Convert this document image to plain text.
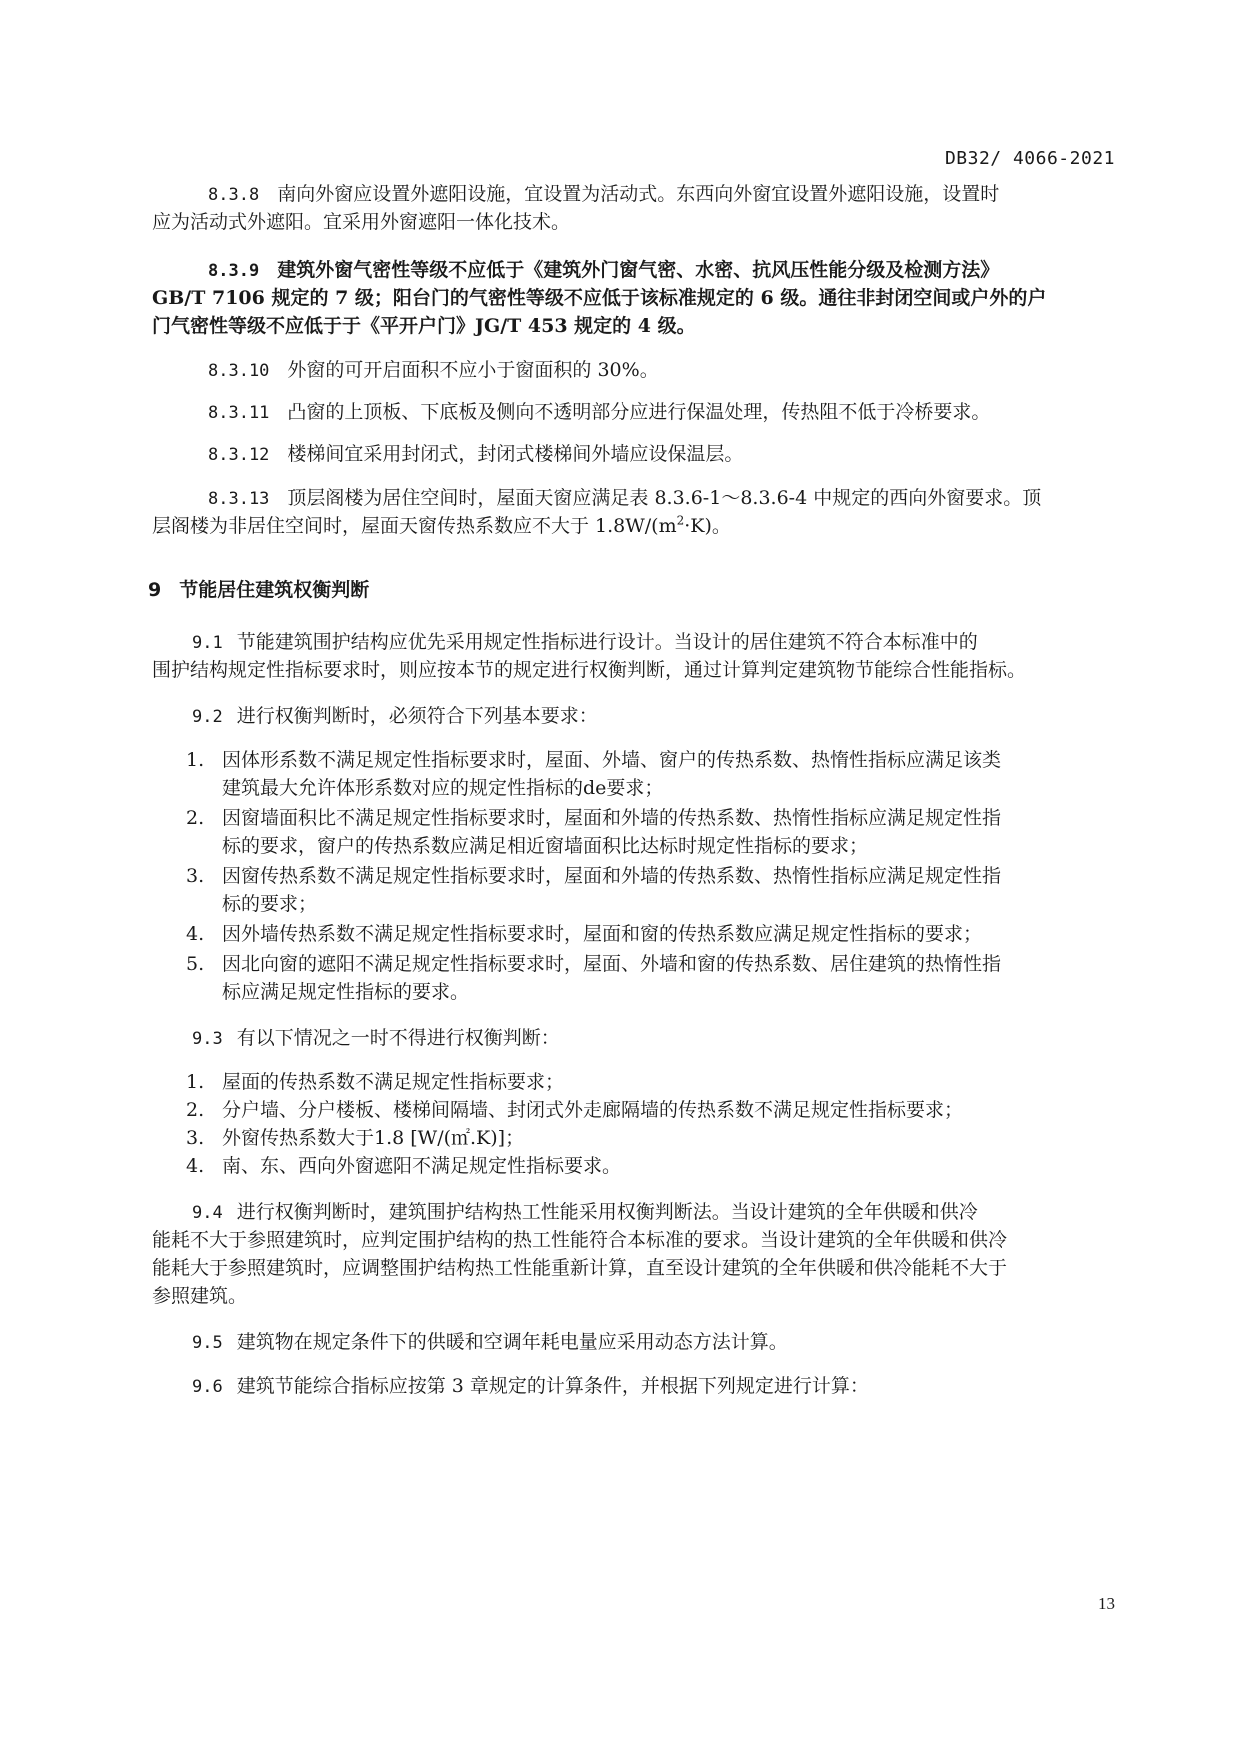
DB32/ 4066-2021
8.3.8 南向外窗应设置外遮阳设施，宜设置为活动式。东西向外窗宜设置外遮阳设施，设置时
应为活动式外遮阳。宜采用外窗遮阳一体化技术。
8.3.9 建筑外窗气密性等级不应低于《建筑外门窗气密、水密、抗风压性能分级及检测方法》
GB/T 7106 规定的 7 级；阳台门的气密性等级不应低于该标准规定的 6 级。通往非封闭空间或户外的户
门气密性等级不应低于于《平开户门》JG/T 453 规定的 4 级。
8.3.10 外窗的可开启面积不应小于窗面积的 30%。
8.3.11 凸窗的上顶板、下底板及侧向不透明部分应进行保温处理，传热阻不低于冷桥要求。
8.3.12 楼梯间宜采用封闭式，封闭式楼梯间外墙应设保温层。
8.3.13 顶层阁楼为居住空间时，屋面天窗应满足表 8.3.6-1～8.3.6-4 中规定的西向外窗要求。顶
层阁楼为非居住空间时，屋面天窗传热系数应不大于 $1.8W/(m^2\cdot K)$。
9 节能居住建筑权衡判断
9.1 节能建筑围护结构应优先采用规定性指标进行设计。当设计的居住建筑不符合本标准中的
围护结构规定性指标要求时，则应按本节的规定进行权衡判断，通过计算判定建筑物节能综合性能指标。
9.2 进行权衡判断时，必须符合下列基本要求：
1. 因体形系数不满足规定性指标要求时，屋面、外墙、窗户的传热系数、热惰性指标应满足该类
建筑最大允许体形系数对应的规定性指标的de要求；
2. 因窗墙面积比不满足规定性指标要求时，屋面和外墙的传热系数、热惰性指标应满足规定性指
标的要求，窗户的传热系数应满足相近窗墙面积比达标时规定性指标的要求；
3. 因窗传热系数不满足规定性指标要求时，屋面和外墙的传热系数、热惰性指标应满足规定性指
标的要求；
4. 因外墙传热系数不满足规定性指标要求时，屋面和窗的传热系数应满足规定性指标的要求；
5. 因北向窗的遮阳不满足规定性指标要求时，屋面、外墙和窗的传热系数、居住建筑的热惰性指
标应满足规定性指标的要求。
9.3 有以下情况之一时不得进行权衡判断：
1. 屋面的传热系数不满足规定性指标要求；
2. 分户墙、分户楼板、楼梯间隔墙、封闭式外走廊隔墙的传热系数不满足规定性指标要求；
3. 外窗传热系数大于1.8 [W/(㎡.K)]；
4. 南、东、西向外窗遮阳不满足规定性指标要求。
9.4 进行权衡判断时，建筑围护结构热工性能采用权衡判断法。当设计建筑的全年供暖和供冷
能耗不大于参照建筑时，应判定围护结构的热工性能符合本标准的要求。当设计建筑的全年供暖和供冷
能耗大于参照建筑时，应调整围护结构热工性能重新计算，直至设计建筑的全年供暖和供冷能耗不大于
参照建筑。
9.5 建筑物在规定条件下的供暖和空调年耗电量应采用动态方法计算。
9.6 建筑节能综合指标应按第 3 章规定的计算条件，并根据下列规定进行计算：
13
